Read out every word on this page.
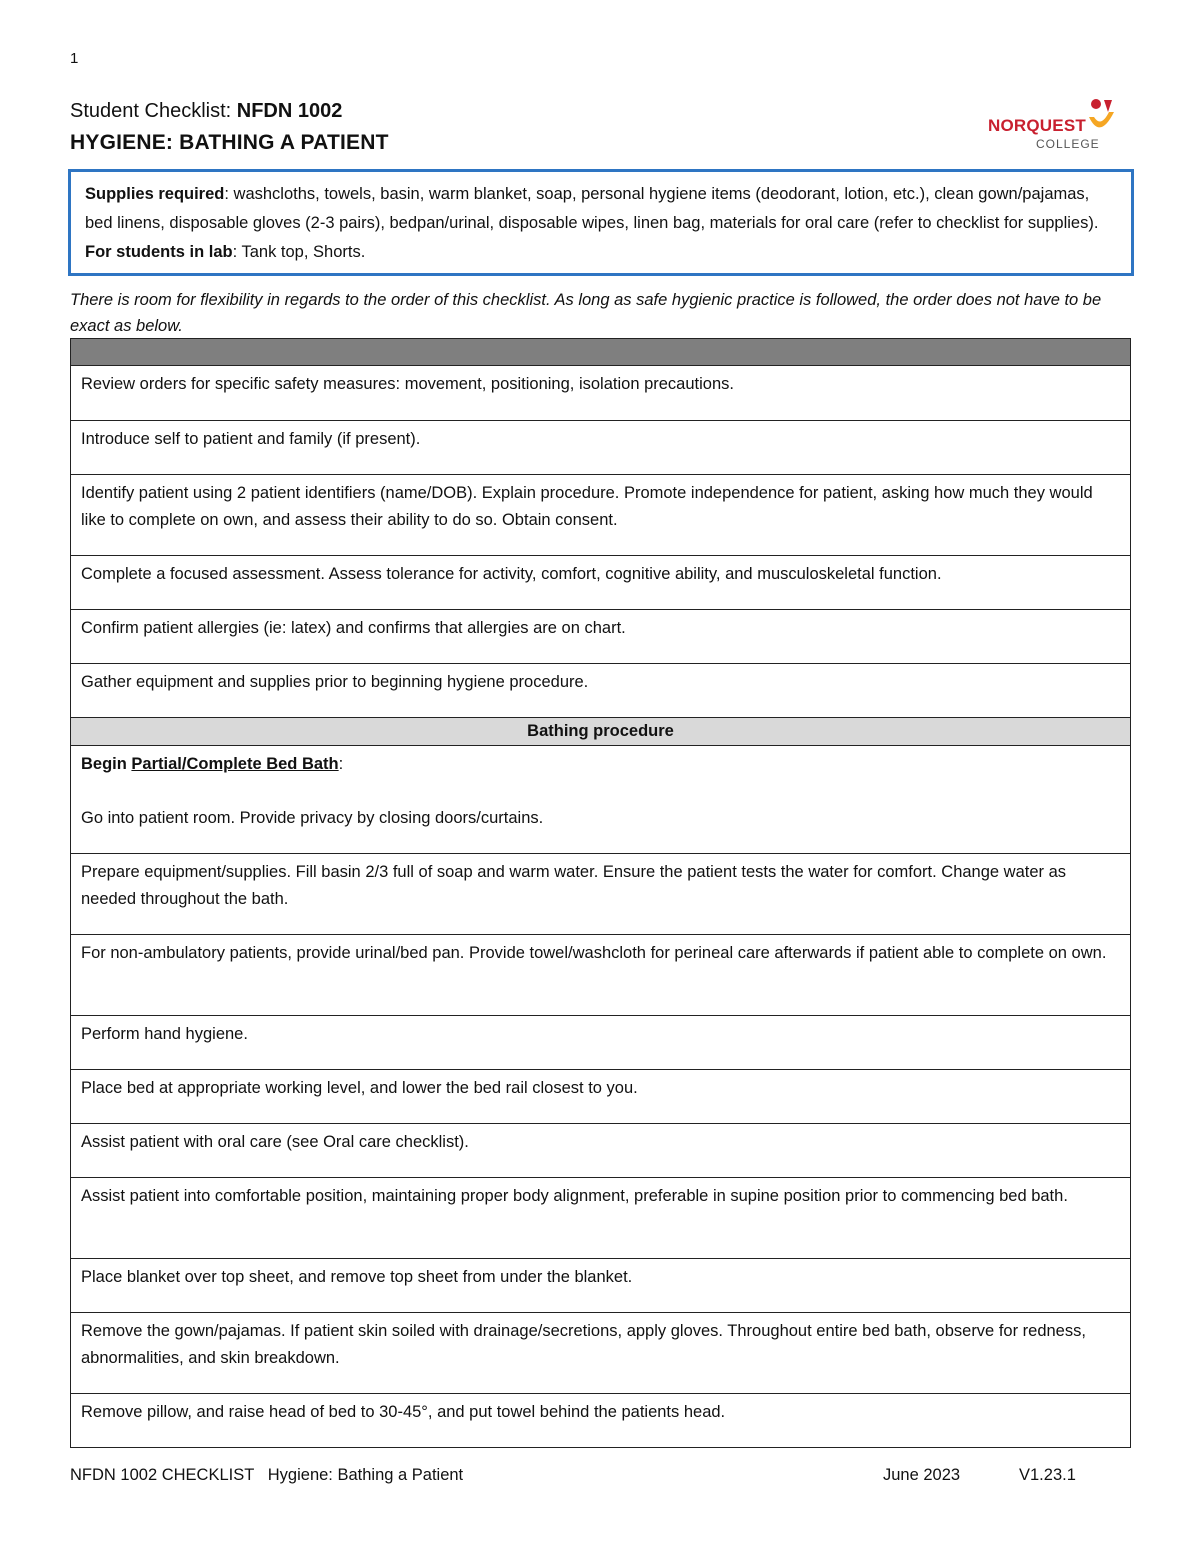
1
Student Checklist: NFDN 1002
HYGIENE: BATHING A PATIENT
NORQUEST
COLLEGE
Supplies required: washcloths, towels, basin, warm blanket, soap, personal hygiene items (deodorant, lotion, etc.), clean gown/pajamas, bed linens, disposable gloves (2-3 pairs), bedpan/urinal, disposable wipes, linen bag, materials for oral care (refer to checklist for supplies). For students in lab: Tank top, Shorts.
There is room for flexibility in regards to the order of this checklist. As long as safe hygienic practice is followed, the order does not have to be exact as below.

Review orders for specific safety measures: movement, positioning, isolation precautions.
Introduce self to patient and family (if present).
Identify patient using 2 patient identifiers (name/DOB). Explain procedure. Promote independence for patient, asking how much they would like to complete on own, and assess their ability to do so. Obtain consent.
Complete a focused assessment. Assess tolerance for activity, comfort, cognitive ability, and musculoskeletal function.
Confirm patient allergies (ie: latex) and confirms that allergies are on chart.
Gather equipment and supplies prior to beginning hygiene procedure.
Bathing procedure
Begin Partial/Complete Bed Bath:

Go into patient room. Provide privacy by closing doors/curtains.
Prepare equipment/supplies. Fill basin 2/3 full of soap and warm water. Ensure the patient tests the water for comfort. Change water as needed throughout the bath.
For non-ambulatory patients, provide urinal/bed pan. Provide towel/washcloth for perineal care afterwards if patient able to complete on own.
Perform hand hygiene.
Place bed at appropriate working level, and lower the bed rail closest to you.
Assist patient with oral care (see Oral care checklist).
Assist patient into comfortable position, maintaining proper body alignment, preferable in supine position prior to commencing bed bath.
Place blanket over top sheet, and remove top sheet from under the blanket.
Remove the gown/pajamas. If patient skin soiled with drainage/secretions, apply gloves. Throughout entire bed bath, observe for redness, abnormalities, and skin breakdown.
Remove pillow, and raise head of bed to 30-45°, and put towel behind the patients head.
NFDN 1002 CHECKLIST   Hygiene: Bathing a Patient	June 2023	V1.23.1
